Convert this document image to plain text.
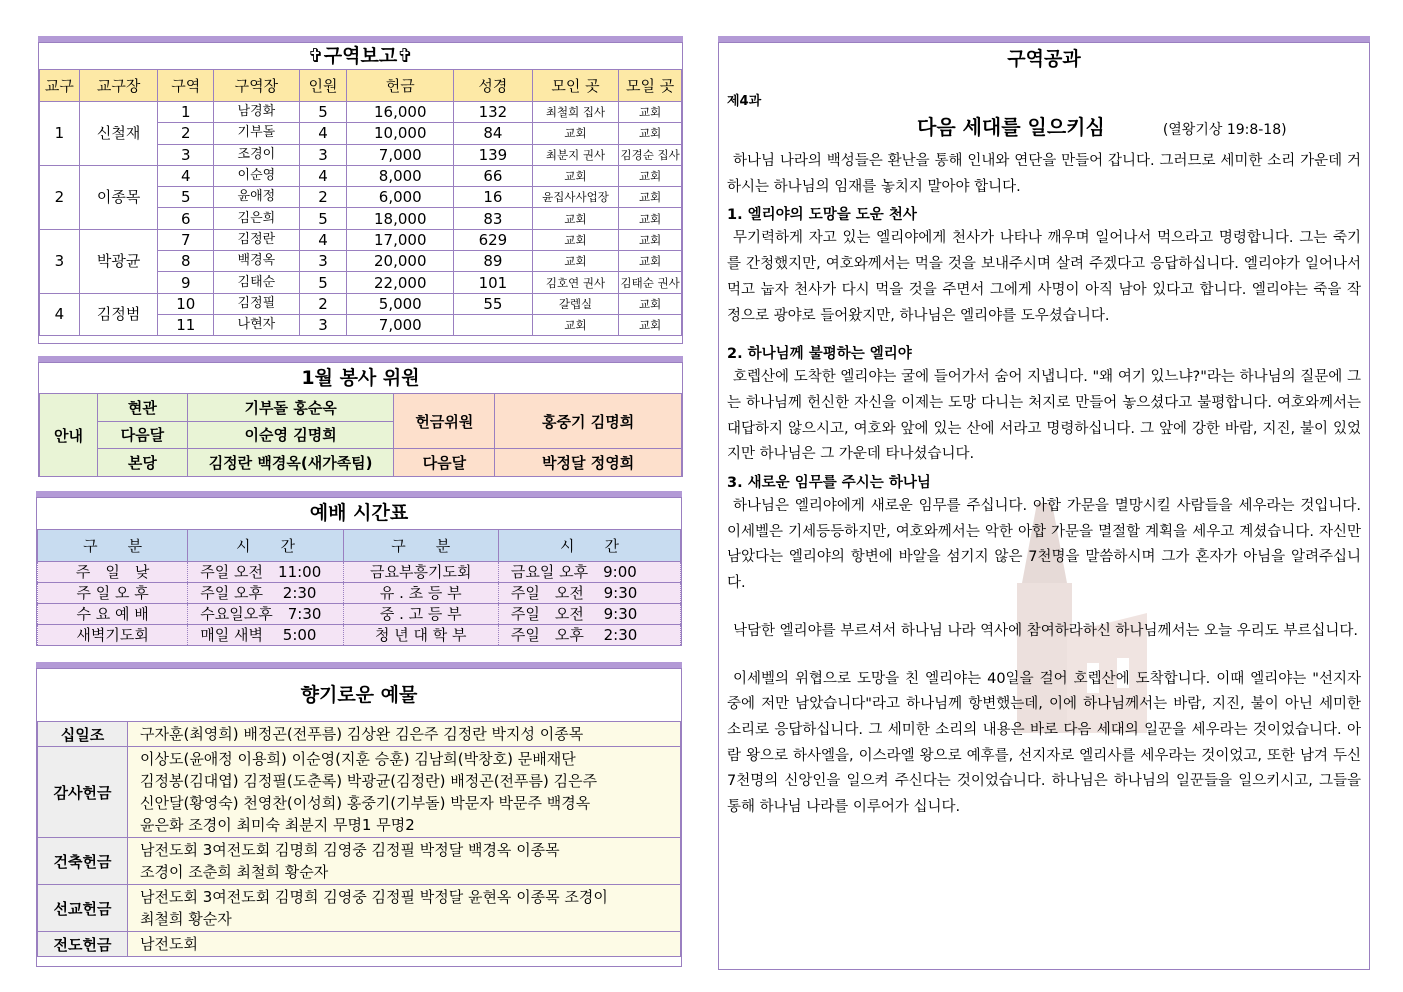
✞구역보고✞
교구	교구장	구역	구역장	인원	헌금	성경	모인 곳	모일 곳
1	신철재	1	남경화	5	16,000	132	최철희 집사	교회
		2	기부돌	4	10,000	84	교회	교회
		3	조경이	3	7,000	139	최분지 권사	김경순 집사
2	이종목	4	이순영	4	8,000	66	교회	교회
		5	윤애정	2	6,000	16	윤집사사업장	교회
		6	김은희	5	18,000	83	교회	교회
3	박광균	7	김정란	4	17,000	629	교회	교회
		8	백경옥	3	20,000	89	교회	교회
		9	김태순	5	22,000	101	김호연 권사	김태순 권사
4	김정범	10	김정필	2	5,000	55	갈렙실	교회
		11	나현자	3	7,000		교회	교회
1월 봉사 위원
안내	현관	기부돌 홍순옥	헌금위원	홍중기 김명희
	다음달	이순영 김명희		
	본당	김정란 백경옥(새가족팀)	다음달	박정달 정영희
예배 시간표
구　　분	시　　간	구　　분	시　　간
주　일　낮	주일 오전　11:00	금요부흥기도회	금요일 오후　9:00
주 일 오 후	주일 오후　 2:30	유 . 초 등 부	주일　오전　 9:30
수 요 예 배	수요일오후　7:30	중 . 고 등 부	주일　오전　 9:30
새벽기도회	매일 새벽　 5:00	청 년 대 학 부	주일　오후　 2:30
향기로운 예물
십일조	구자훈(최영희) 배정곤(전푸름) 김상완 김은주 김정란 박지성 이종목

감사헌금	이상도(윤애정 이용희) 이순영(지훈 승훈) 김남희(박창호) 문배재단
김정봉(김대엽) 김정필(도춘록) 박광균(김정란) 배정곤(전푸름) 김은주
신안달(황영숙) 천영찬(이성희) 홍중기(기부돌) 박문자 박문주 백경옥
윤은화 조경이 최미숙 최분지 무명1 무명2

건축헌금	남전도회 3여전도회 김명희 김영중 김정필 박정달 백경옥 이종목
조경이 조춘희 최철희 황순자

선교헌금	남전도회 3여전도회 김명희 김영중 김정필 박정달 윤현옥 이종목 조경이
최철희 황순자

전도헌금	남전도회
구역공과
제4과
다음 세대를 일으키심	(열왕기상 19:8-18)

하나님 나라의 백성들은 환난을 통해 인내와 연단을 만들어 갑니다. 그러므로 세미한 소리 가운데 거하시는 하나님의 임재를 놓치지 말아야 합니다.

1. 엘리야의 도망을 도운 천사

무기력하게 자고 있는 엘리야에게 천사가 나타나 깨우며 일어나서 먹으라고 명령합니다. 그는 죽기를 간청했지만, 여호와께서는 먹을 것을 보내주시며 살려 주겠다고 응답하십니다. 엘리야가 일어나서 먹고 눕자 천사가 다시 먹을 것을 주면서 그에게 사명이 아직 남아 있다고 합니다. 엘리야는 죽을 작정으로 광야로 들어왔지만, 하나님은 엘리야를 도우셨습니다.

2. 하나님께 불평하는 엘리야

호렙산에 도착한 엘리야는 굴에 들어가서 숨어 지냅니다. "왜 여기 있느냐?"라는 하나님의 질문에 그는 하나님께 헌신한 자신을 이제는 도망 다니는 처지로 만들어 놓으셨다고 불평합니다. 여호와께서는 대답하지 않으시고, 여호와 앞에 있는 산에 서라고 명령하십니다. 그 앞에 강한 바람, 지진, 불이 있었지만 하나님은 그 가운데 타나셨습니다.

3. 새로운 임무를 주시는 하나님

하나님은 엘리야에게 새로운 임무를 주십니다. 아합 가문을 멸망시킬 사람들을 세우라는 것입니다. 이세벨은 기세등등하지만, 여호와께서는 악한 아합 가문을 멸절할 계획을 세우고 계셨습니다. 자신만 남았다는 엘리야의 항변에 바알을 섬기지 않은 7천명을 말씀하시며 그가 혼자가 아님을 알려주십니다.

낙담한 엘리야를 부르셔서 하나님 나라 역사에 참여하라하신 하나님께서는 오늘 우리도 부르십니다.

이세벨의 위협으로 도망을 친 엘리야는 40일을 걸어 호렙산에 도착합니다. 이때 엘리야는 "선지자 중에 저만 남았습니다"라고 하나님께 항변했는데, 이에 하나님께서는 바람, 지진, 불이 아닌 세미한 소리로 응답하십니다. 그 세미한 소리의 내용은 바로 다음 세대의 일꾼을 세우라는 것이었습니다. 아람 왕으로 하사엘을, 이스라엘 왕으로 예후를, 선지자로 엘리사를 세우라는 것이었고, 또한 남겨 두신 7천명의 신앙인을 일으켜 주신다는 것이었습니다. 하나님은 하나님의 일꾼들을 일으키시고, 그들을 통해 하나님 나라를 이루어가 십니다.
